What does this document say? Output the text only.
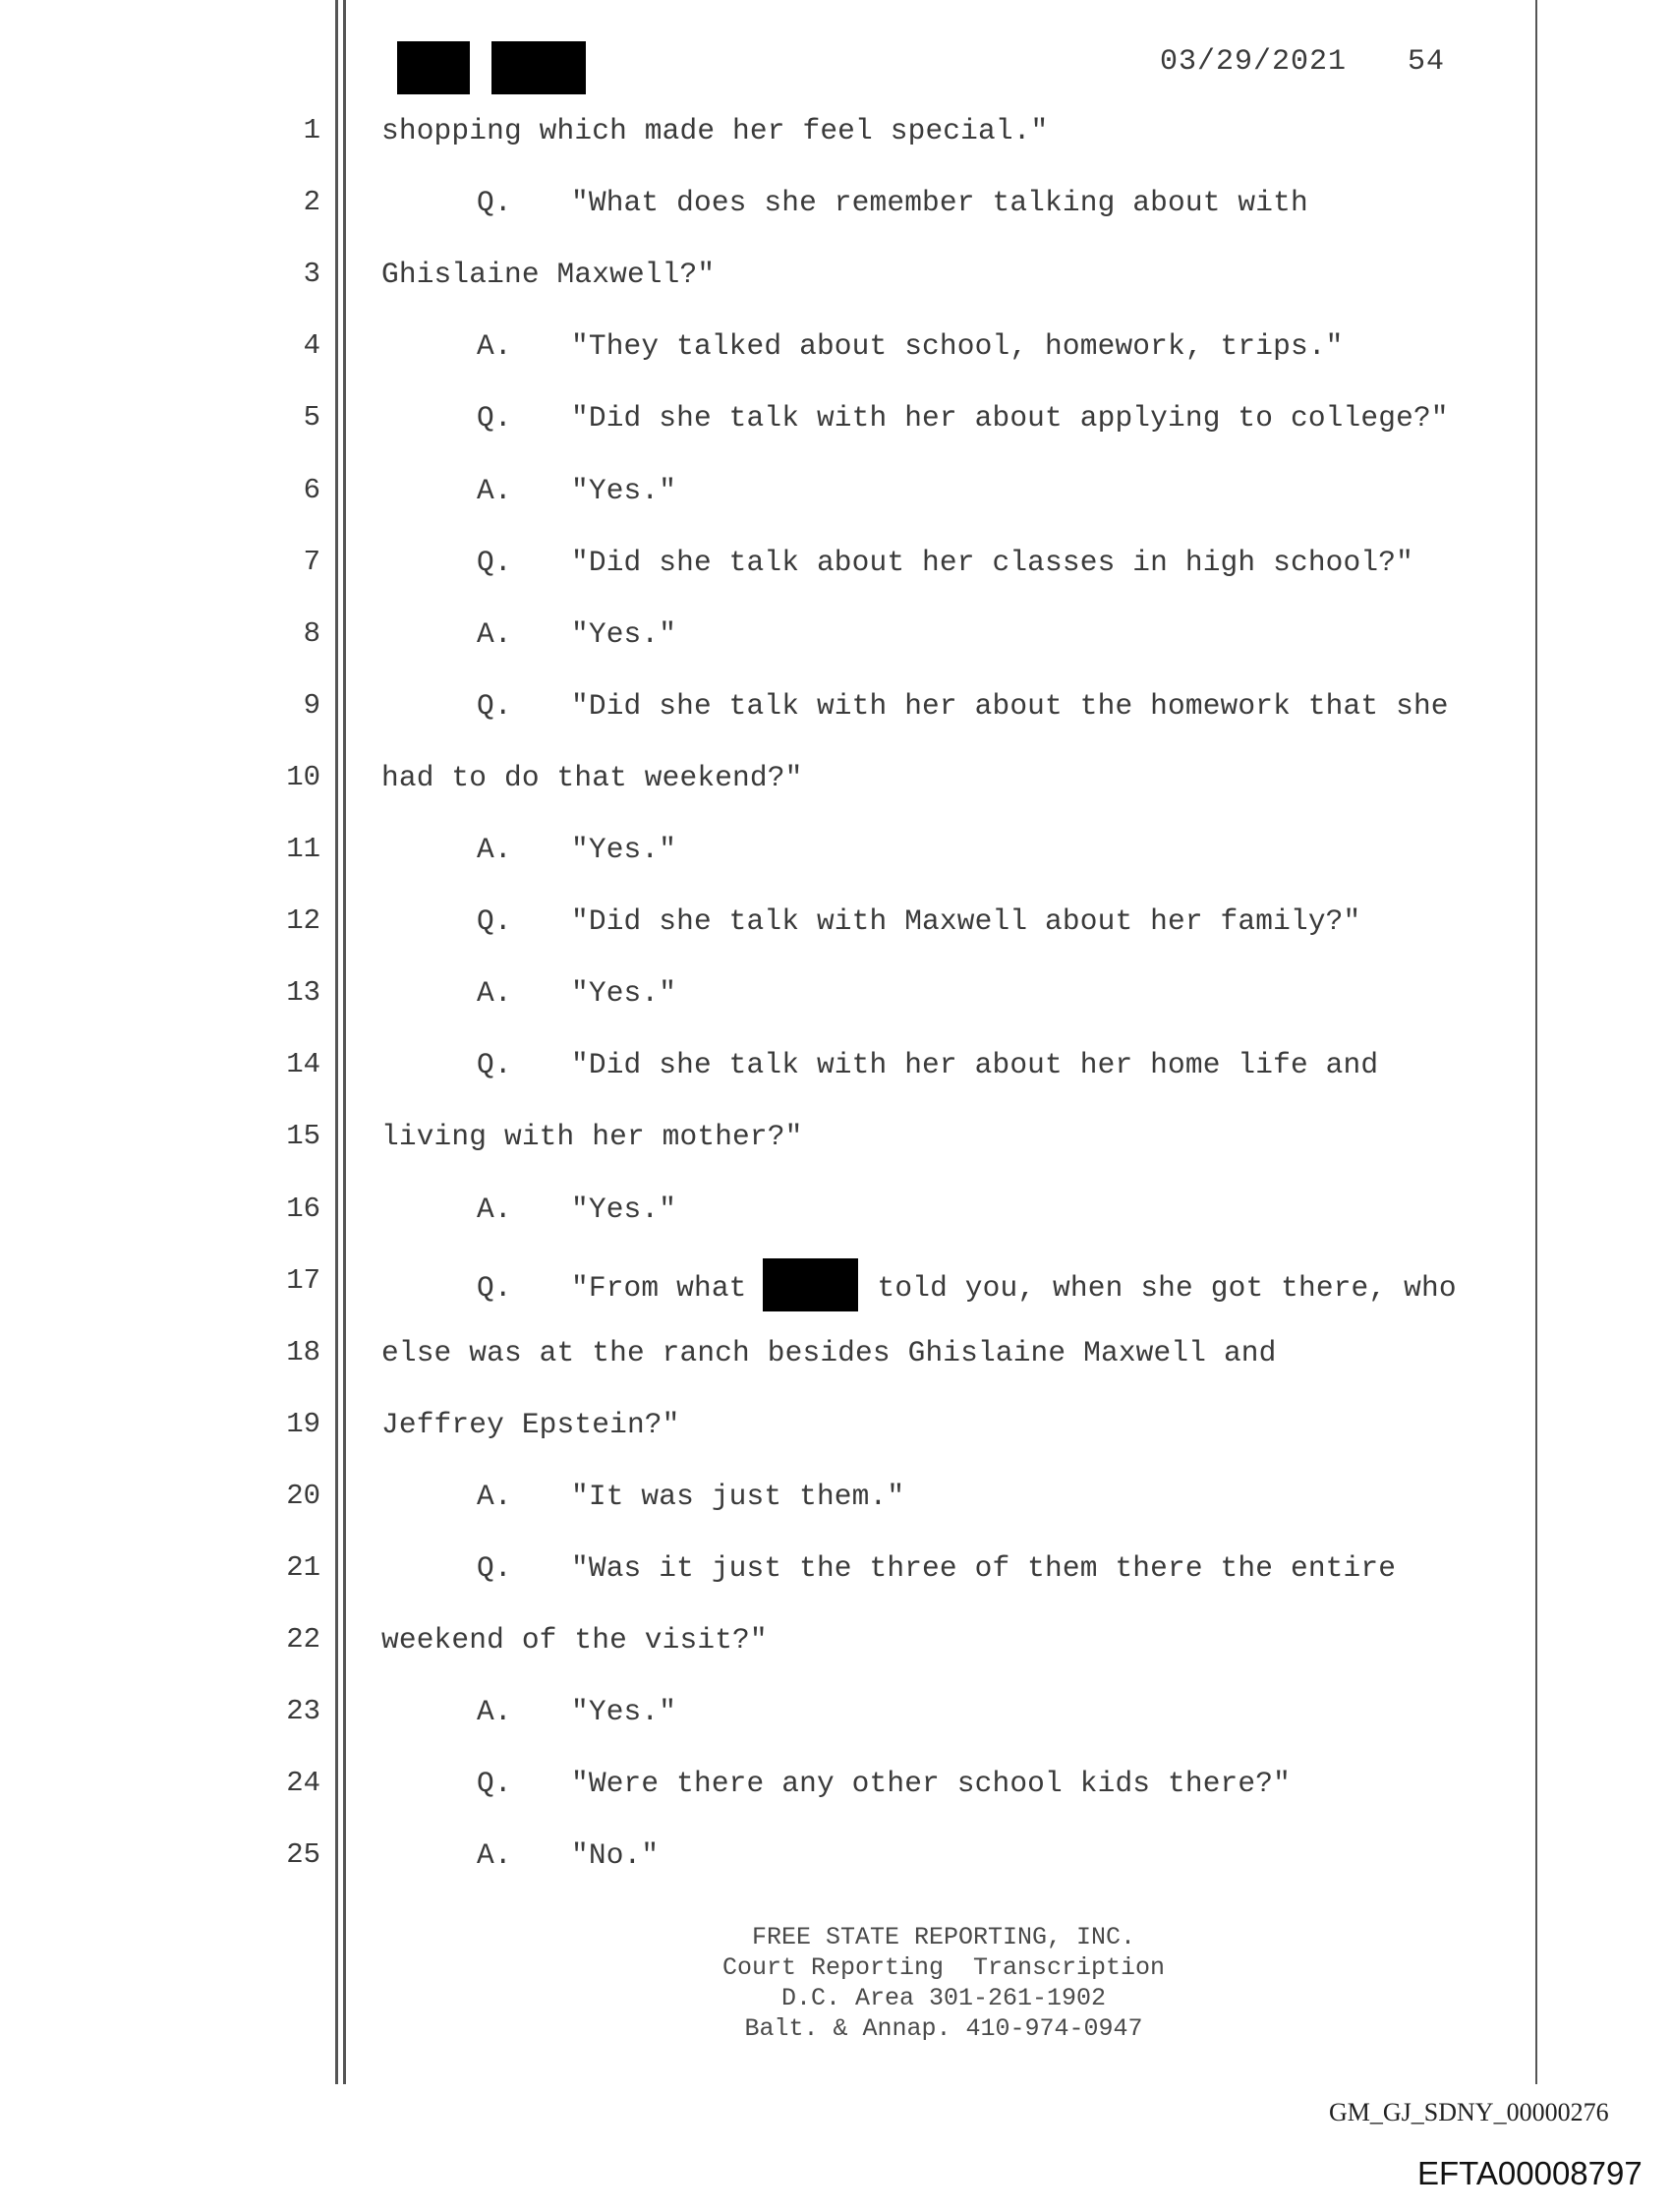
03/29/2021 54
1 shopping which made her feel special."
2	Q. "What does she remember talking about with
3 Ghislaine Maxwell?"
4	A. "They talked about school, homework, trips."
5	Q. "Did she talk with her about applying to college?"
6	A. "Yes."
7	Q. "Did she talk about her classes in high school?"
8	A. "Yes."
9	Q. "Did she talk with her about the homework that she
10 had to do that weekend?"
11	A. "Yes."
12	Q. "Did she talk with Maxwell about her family?"
13	A. "Yes."
14	Q. "Did she talk with her about her home life and
15 living with her mother?"
16	A. "Yes."
17	Q. "From what	told you, when she got there, who
18 else was at the ranch besides Ghislaine Maxwell and
19 Jeffrey Epstein?"
20	A. "It was just them."
21	Q. "Was it just the three of them there the entire
22 weekend of the visit?"
23	A. "Yes."
24	Q. "Were there any other school kids there?"
25	A. "No."
FREE STATE REPORTING, INC.
Court Reporting  Transcription
D.C. Area 301-261-1902
Balt. & Annap. 410-974-0947
GM_GJ_SDNY_00000276
EFTA00008797
